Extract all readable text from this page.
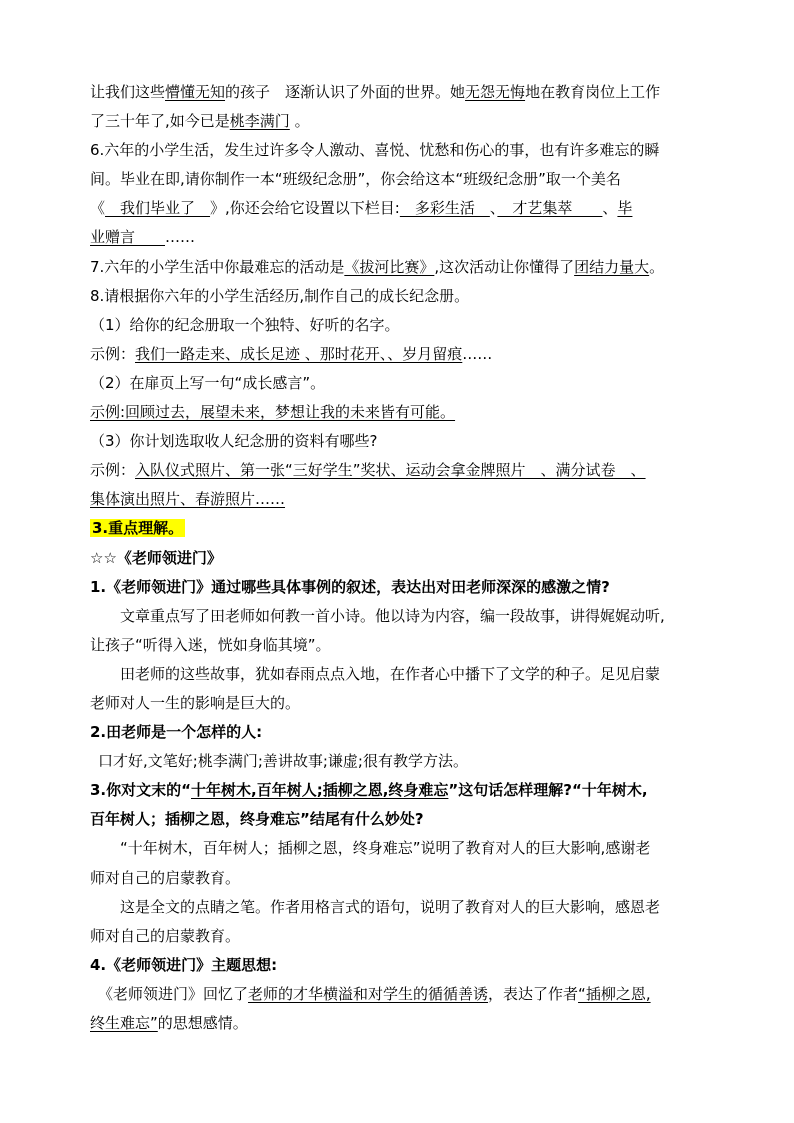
让我们这些懵懂无知的孩子　逐渐认识了外面的世界。她无怨无悔地在教育岗位上工作
了三十年了,如今已是桃李满门 。
6.六年的小学生活，发生过许多令人激动、喜悦、忧愁和伤心的事，也有许多难忘的瞬
间。毕业在即,请你制作一本“班级纪念册”，你会给这本“班级纪念册”取一个美名
《　我们毕业了　》,你还会给它设置以下栏目:　多彩生活　、　才艺集萃　　、毕
业赠言　　……
7.六年的小学生活中你最难忘的活动是《拔河比赛》,这次活动让你懂得了团结力量大。
8.请根据你六年的小学生活经历,制作自己的成长纪念册。
（1）给你的纪念册取一个独特、好听的名字。
示例：我们一路走来、成长足迹 、那时花开、、岁月留痕……
（2）在扉页上写一句“成长感言”。
示例:回顾过去，展望未来，梦想让我的未来皆有可能。
（3）你计划选取收人纪念册的资料有哪些?
示例：入队仪式照片、第一张“三好学生”奖状、运动会拿金牌照片　、满分试卷　、
集体演出照片、春游照片……
3.重点理解。
☆☆《老师领进门》
1.《老师领进门》通过哪些具体事例的叙述，表达出对田老师深深的感激之情?
文章重点写了田老师如何教一首小诗。他以诗为内容，编一段故事，讲得娓娓动听,
让孩子“听得入迷，恍如身临其境”。
田老师的这些故事，犹如春雨点点入地，在作者心中播下了文学的种子。足见启蒙
老师对人一生的影响是巨大的。
2.田老师是一个怎样的人:
口才好,文笔好;桃李满门;善讲故事;谦虚;很有教学方法。
3.你对文末的“十年树木,百年树人;插柳之恩,终身难忘”这句话怎样理解?“十年树木,
百年树人；插柳之恩，终身难忘”结尾有什么妙处?
“十年树木，百年树人；插柳之恩，终身难忘”说明了教育对人的巨大影响,感谢老
师对自己的启蒙教育。
这是全文的点睛之笔。作者用格言式的语句，说明了教育对人的巨大影响，感恩老
师对自己的启蒙教育。
4.《老师领进门》主题思想:
《老师领进门》回忆了老师的才华横溢和对学生的循循善诱，表达了作者“插柳之恩,
终生难忘”的思想感情。
